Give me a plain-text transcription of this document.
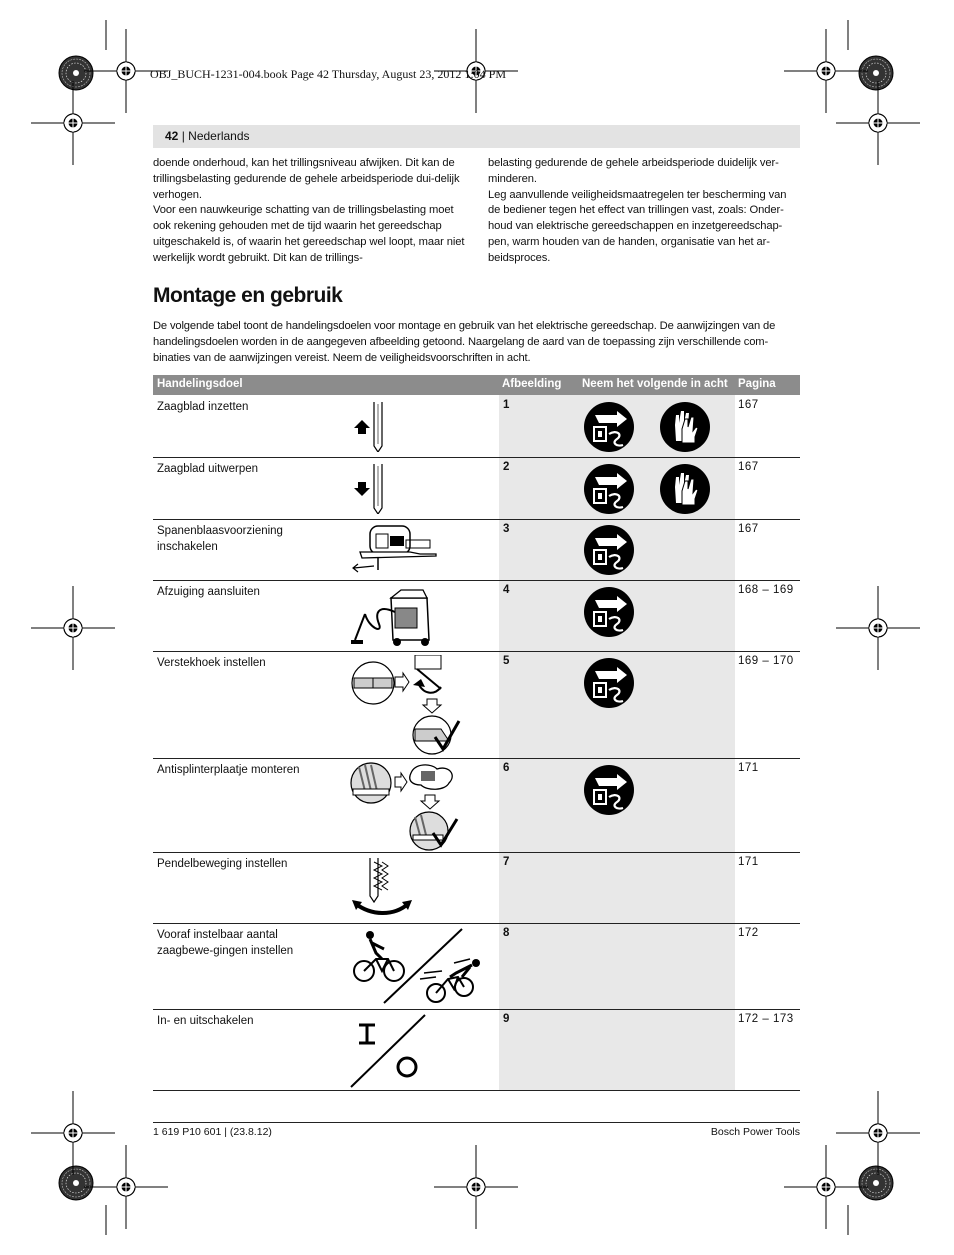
OBJ_BUCH-1231-004.book Page 42 Thursday, August 23, 2012 1:04 PM
42 | Nederlands

doende onderhoud, kan het trillingsniveau afwijken. Dit kan de trillingsbelasting gedurende de gehele arbeidsperiode dui-delijk verhogen.

Voor een nauwkeurige schatting van de trillingsbelasting moet ook rekening gehouden met de tijd waarin het gereedschap uitgeschakeld is, of waarin het gereedschap wel loopt, maar niet werkelijk wordt gebruikt. Dit kan de trillings-

belasting gedurende de gehele arbeidsperiode duidelijk ver-minderen.

Leg aanvullende veiligheidsmaatregelen ter bescherming van de bediener tegen het effect van trillingen vast, zoals: Onder-houd van elektrische gereedschappen en inzetgereedschap-pen, warm houden van de handen, organisatie van het ar-beidsproces.

Montage en gebruik
De volgende tabel toont de handelingsdoelen voor montage en gebruik van het elektrische gereedschap. De aanwijzingen van de handelingsdoelen worden in de aangegeven afbeelding getoond. Naargelang de aard van de toepassing zijn verschillende com-binaties van de aanwijzingen vereist. Neem de veiligheidsvoorschriften in acht.
Handelingsdoel	Afbeelding Neem het volgende in acht Pagina
Zaagblad inzetten	1	167
Zaagblad uitwerpen	2	167
Spanenblaasvoorziening inschakelen
3	167
Afzuiging aansluiten	4	168 – 169
Verstekhoek instellen	5	169 – 170
Antisplinterplaatje monteren	6	171
Pendelbeweging instellen	7	171
Vooraf instelbaar aantal zaagbewe-gingen instellen
8	172
In- en uitschakelen	9	172 – 173
1 619 P10 601 | (23.8.12)	Bosch Power Tools
